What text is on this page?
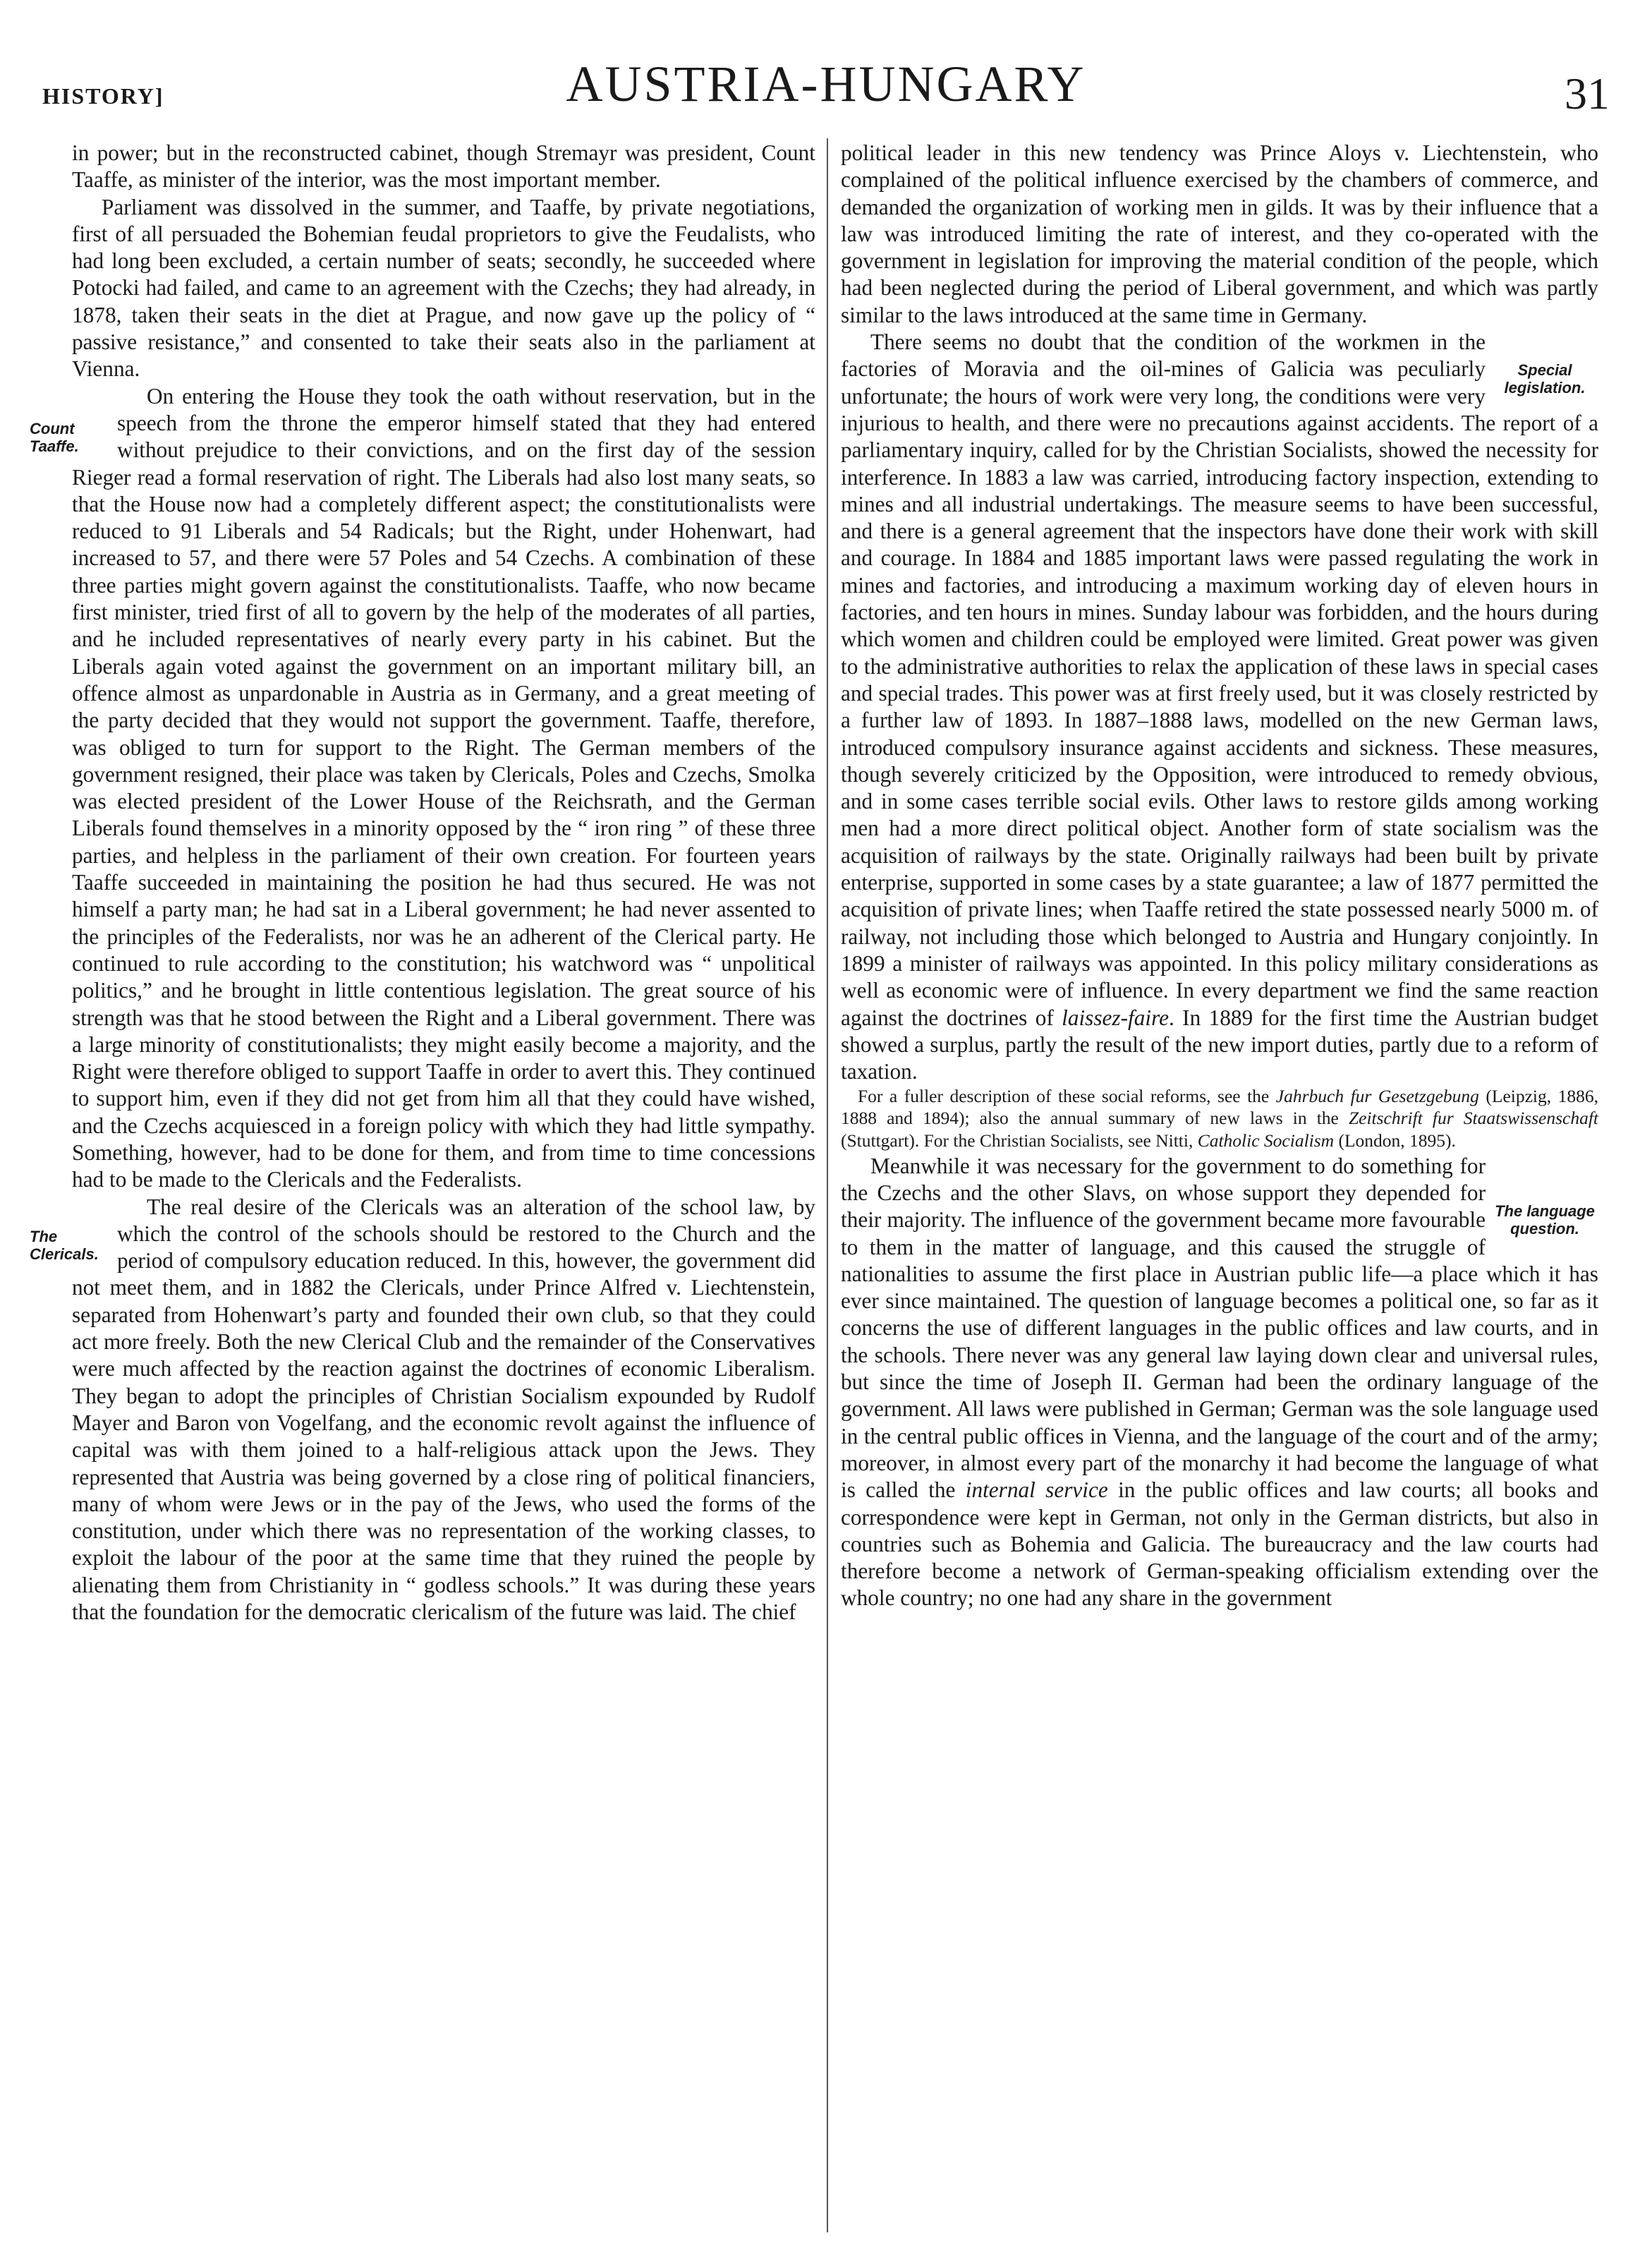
HISTORY]	AUSTRIA-HUNGARY	31

in power; but in the reconstructed cabinet, though Stremayr was president, Count Taaffe, as minister of the interior, was the most important member.

Parliament was dissolved in the summer, and Taaffe, by private negotiations, first of all persuaded the Bohemian feudal proprietors to give the Feudalists, who had long been excluded, a certain number of seats; secondly, he succeeded where Potocki had failed, and came to an agreement with the Czechs; they had already, in 1878, taken their seats in the diet at Prague, and now gave up the policy of “ passive resistance,” and consented to take their seats also in the parliament at Vienna.

Count Taaffe.
On entering the House they took the oath without reservation, but in the speech from the throne the emperor himself stated that they had entered without prejudice to their convictions, and on the first day of the session Rieger read a formal reservation of right. The Liberals had also lost many seats, so that the House now had a completely different aspect; the constitutionalists were reduced to 91 Liberals and 54 Radicals; but the Right, under Hohenwart, had increased to 57, and there were 57 Poles and 54 Czechs. A combination of these three parties might govern against the constitutionalists. Taaffe, who now became first minister, tried first of all to govern by the help of the moderates of all parties, and he included representatives of nearly every party in his cabinet. But the Liberals again voted against the government on an important military bill, an offence almost as unpardonable in Austria as in Germany, and a great meeting of the party decided that they would not support the government. Taaffe, therefore, was obliged to turn for support to the Right. The German members of the government resigned, their place was taken by Clericals, Poles and Czechs, Smolka was elected president of the Lower House of the Reichsrath, and the German Liberals found themselves in a minority opposed by the “ iron ring ” of these three parties, and helpless in the parliament of their own creation. For fourteen years Taaffe succeeded in maintaining the position he had thus secured. He was not himself a party man; he had sat in a Liberal government; he had never assented to the principles of the Federalists, nor was he an adherent of the Clerical party. He continued to rule according to the constitution; his watchword was “ unpolitical politics,” and he brought in little contentious legislation. The great source of his strength was that he stood between the Right and a Liberal government. There was a large minority of constitutionalists; they might easily become a majority, and the Right were therefore obliged to support Taaffe in order to avert this. They continued to support him, even if they did not get from him all that they could have wished, and the Czechs acquiesced in a foreign policy with which they had little sympathy. Something, however, had to be done for them, and from time to time concessions had to be made to the Clericals and the Federalists.

The Clericals.
The real desire of the Clericals was an alteration of the school law, by which the control of the schools should be restored to the Church and the period of compulsory education reduced. In this, however, the government did not meet them, and in 1882 the Clericals, under Prince Alfred v. Liechtenstein, separated from Hohenwart’s party and founded their own club, so that they could act more freely. Both the new Clerical Club and the remainder of the Conservatives were much affected by the reaction against the doctrines of economic Liberalism. They began to adopt the principles of Christian Socialism expounded by Rudolf Mayer and Baron von Vogelfang, and the economic revolt against the influence of capital was with them joined to a half-religious attack upon the Jews. They represented that Austria was being governed by a close ring of political financiers, many of whom were Jews or in the pay of the Jews, who used the forms of the constitution, under which there was no representation of the working classes, to exploit the labour of the poor at the same time that they ruined the people by alienating them from Christianity in “ godless schools.” It was during these years that the foundation for the democratic clericalism of the future was laid. The chief

political leader in this new tendency was Prince Aloys v. Liechtenstein, who complained of the political influence exercised by the chambers of commerce, and demanded the organization of working men in gilds. It was by their influence that a law was introduced limiting the rate of interest, and they co-operated with the government in legislation for improving the material condition of the people, which had been neglected during the period of Liberal government, and which was partly similar to the laws introduced at the same time in Germany.

Special legislation.
There seems no doubt that the condition of the workmen in the factories of Moravia and the oil-mines of Galicia was peculiarly unfortunate; the hours of work were very long, the conditions were very injurious to health, and there were no precautions against accidents. The report of a parliamentary inquiry, called for by the Christian Socialists, showed the necessity for interference. In 1883 a law was carried, introducing factory inspection, extending to mines and all industrial undertakings. The measure seems to have been successful, and there is a general agreement that the inspectors have done their work with skill and courage. In 1884 and 1885 important laws were passed regulating the work in mines and factories, and introducing a maximum working day of eleven hours in factories, and ten hours in mines. Sunday labour was forbidden, and the hours during which women and children could be employed were limited. Great power was given to the administrative authorities to relax the application of these laws in special cases and special trades. This power was at first freely used, but it was closely restricted by a further law of 1893. In 1887–1888 laws, modelled on the new German laws, introduced compulsory insurance against accidents and sickness. These measures, though severely criticized by the Opposition, were introduced to remedy obvious, and in some cases terrible social evils. Other laws to restore gilds among working men had a more direct political object. Another form of state socialism was the acquisition of railways by the state. Originally railways had been built by private enterprise, supported in some cases by a state guarantee; a law of 1877 permitted the acquisition of private lines; when Taaffe retired the state possessed nearly 5000 m. of railway, not including those which belonged to Austria and Hungary conjointly. In 1899 a minister of railways was appointed. In this policy military considerations as well as economic were of influence. In every department we find the same reaction against the doctrines of laissez-faire. In 1889 for the first time the Austrian budget showed a surplus, partly the result of the new import duties, partly due to a reform of taxation.

For a fuller description of these social reforms, see the Jahrbuch fur Gesetzgebung (Leipzig, 1886, 1888 and 1894); also the annual summary of new laws in the Zeitschrift fur Staatswissenschaft (Stuttgart). For the Christian Socialists, see Nitti, Catholic Socialism (London, 1895).

The language question.
Meanwhile it was necessary for the government to do something for the Czechs and the other Slavs, on whose support they depended for their majority. The influence of the government became more favourable to them in the matter of language, and this caused the struggle of nationalities to assume the first place in Austrian public life—a place which it has ever since maintained. The question of language becomes a political one, so far as it concerns the use of different languages in the public offices and law courts, and in the schools. There never was any general law laying down clear and universal rules, but since the time of Joseph II. German had been the ordinary language of the government. All laws were published in German; German was the sole language used in the central public offices in Vienna, and the language of the court and of the army; moreover, in almost every part of the monarchy it had become the language of what is called the internal service in the public offices and law courts; all books and correspondence were kept in German, not only in the German districts, but also in countries such as Bohemia and Galicia. The bureaucracy and the law courts had therefore become a network of German-speaking officialism extending over the whole country; no one had any share in the government
